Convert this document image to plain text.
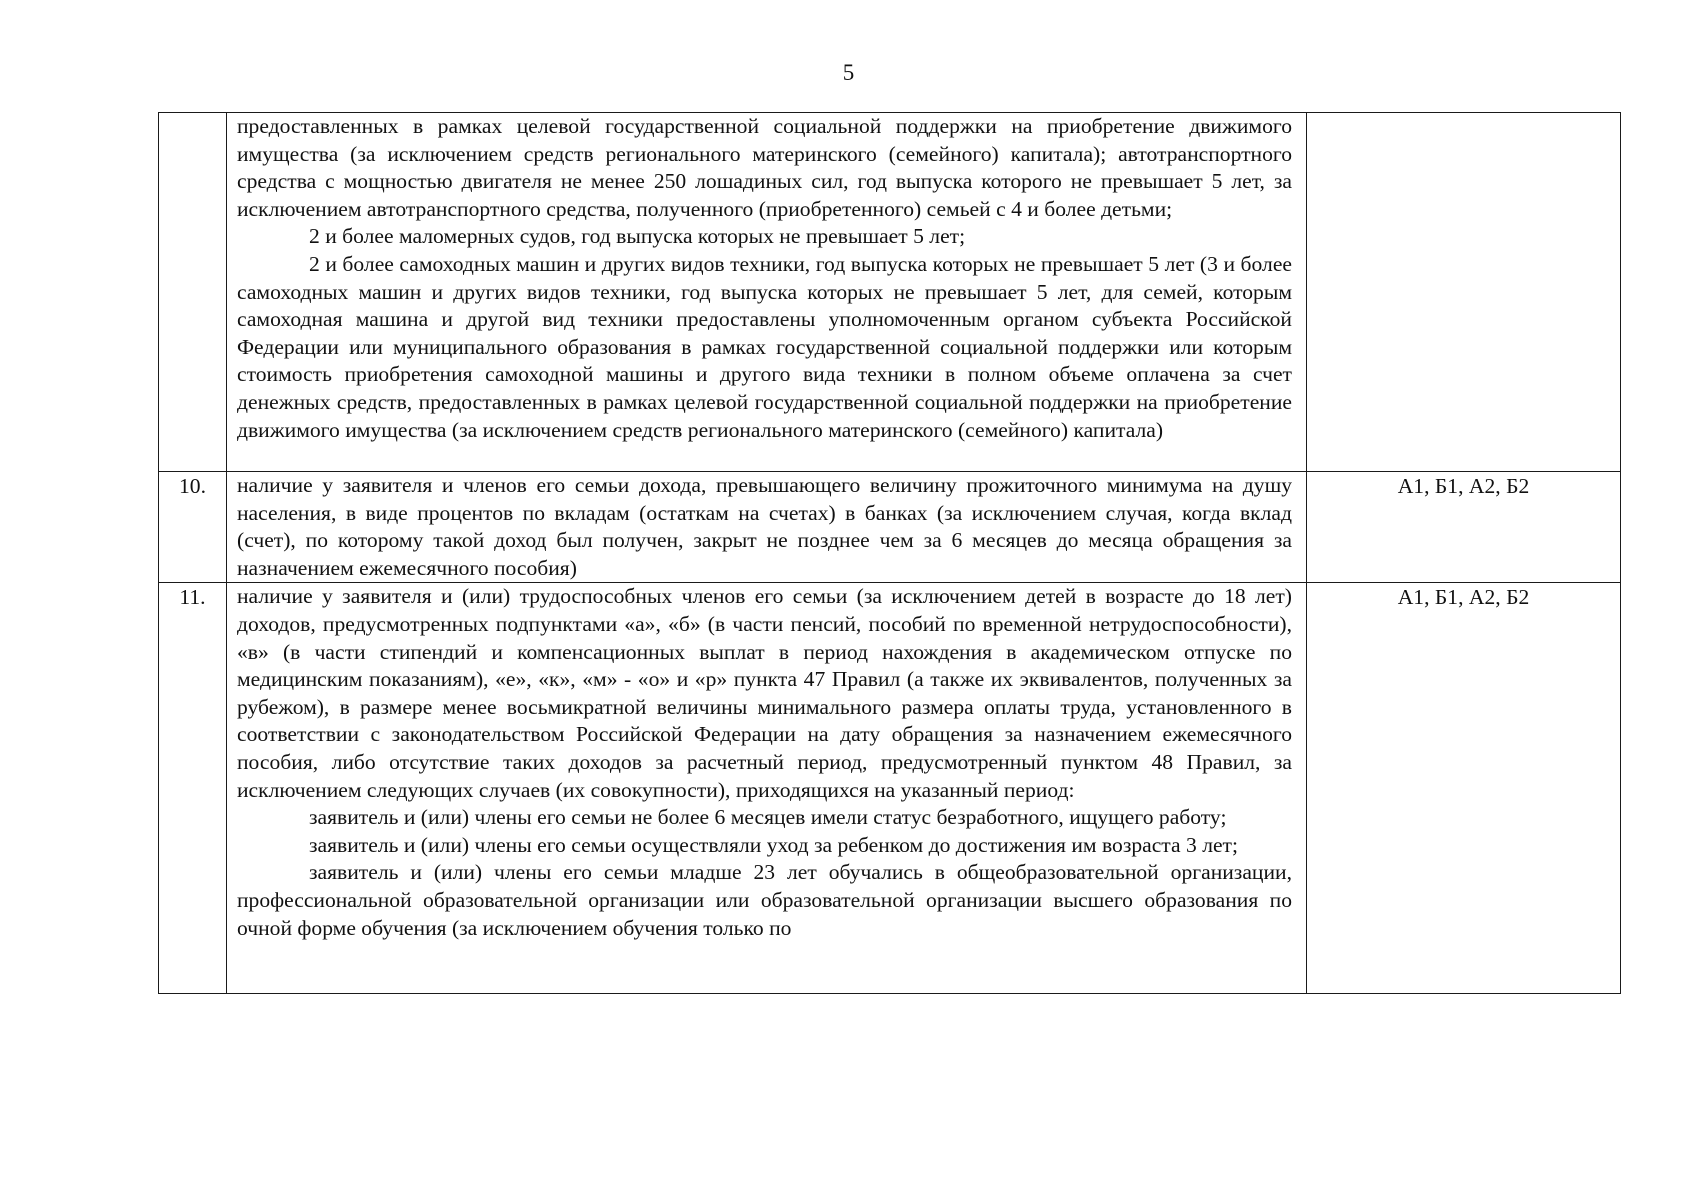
5

	предоставленных в рамках целевой государственной социальной поддержки на приобретение движимого имущества (за исключением средств регионального материнского (семейного) капитала); автотранспортного средства с мощностью двигателя не менее 250 лошадиных сил, год выпуска которого не превышает 5 лет, за исключением автотранспортного средства, полученного (приобретенного) семьей с 4 и более детьми;

2 и более маломерных судов, год выпуска которых не превышает 5 лет;

2 и более самоходных машин и других видов техники, год выпуска которых не превышает 5 лет (3 и более самоходных машин и других видов техники, год выпуска которых не превышает 5 лет, для семей, которым самоходная машина и другой вид техники предоставлены уполномоченным органом субъекта Российской Федерации или муниципального образования в рамках государственной социальной поддержки или которым стоимость приобретения самоходной машины и другого вида техники в полном объеме оплачена за счет денежных средств, предоставленных в рамках целевой государственной социальной поддержки на приобретение движимого имущества (за исключением средств регионального материнского (семейного) капитала)	

10.	наличие у заявителя и членов его семьи дохода, превышающего величину прожиточного минимума на душу населения, в виде процентов по вкладам (остаткам на счетах) в банках (за исключением случая, когда вклад (счет), по которому такой доход был получен, закрыт не позднее чем за 6 месяцев до месяца обращения за назначением ежемесячного пособия)	А1, Б1, А2, Б2
11.	наличие у заявителя и (или) трудоспособных членов его семьи (за исключением детей в возрасте до 18 лет) доходов, предусмотренных подпунктами «а», «б» (в части пенсий, пособий по временной нетрудоспособности), «в» (в части стипендий и компенсационных выплат в период нахождения в академическом отпуске по медицинским показаниям), «е», «к», «м» - «о» и «р» пункта 47 Правил (а также их эквивалентов, полученных за рубежом), в размере менее восьмикратной величины минимального размера оплаты труда, установленного в соответствии с законодательством Российской Федерации на дату обращения за назначением ежемесячного пособия, либо отсутствие таких доходов за расчетный период, предусмотренный пунктом 48 Правил, за исключением следующих случаев (их совокупности), приходящихся на указанный период:

заявитель и (или) члены его семьи не более 6 месяцев имели статус безработного, ищущего работу;

заявитель и (или) члены его семьи осуществляли уход за ребенком до достижения им возраста 3 лет;

заявитель и (или) члены его семьи младше 23 лет обучались в общеобразовательной организации, профессиональной образовательной организации или образовательной организации высшего образования по очной форме обучения (за исключением обучения только по	А1, Б1, А2, Б2
